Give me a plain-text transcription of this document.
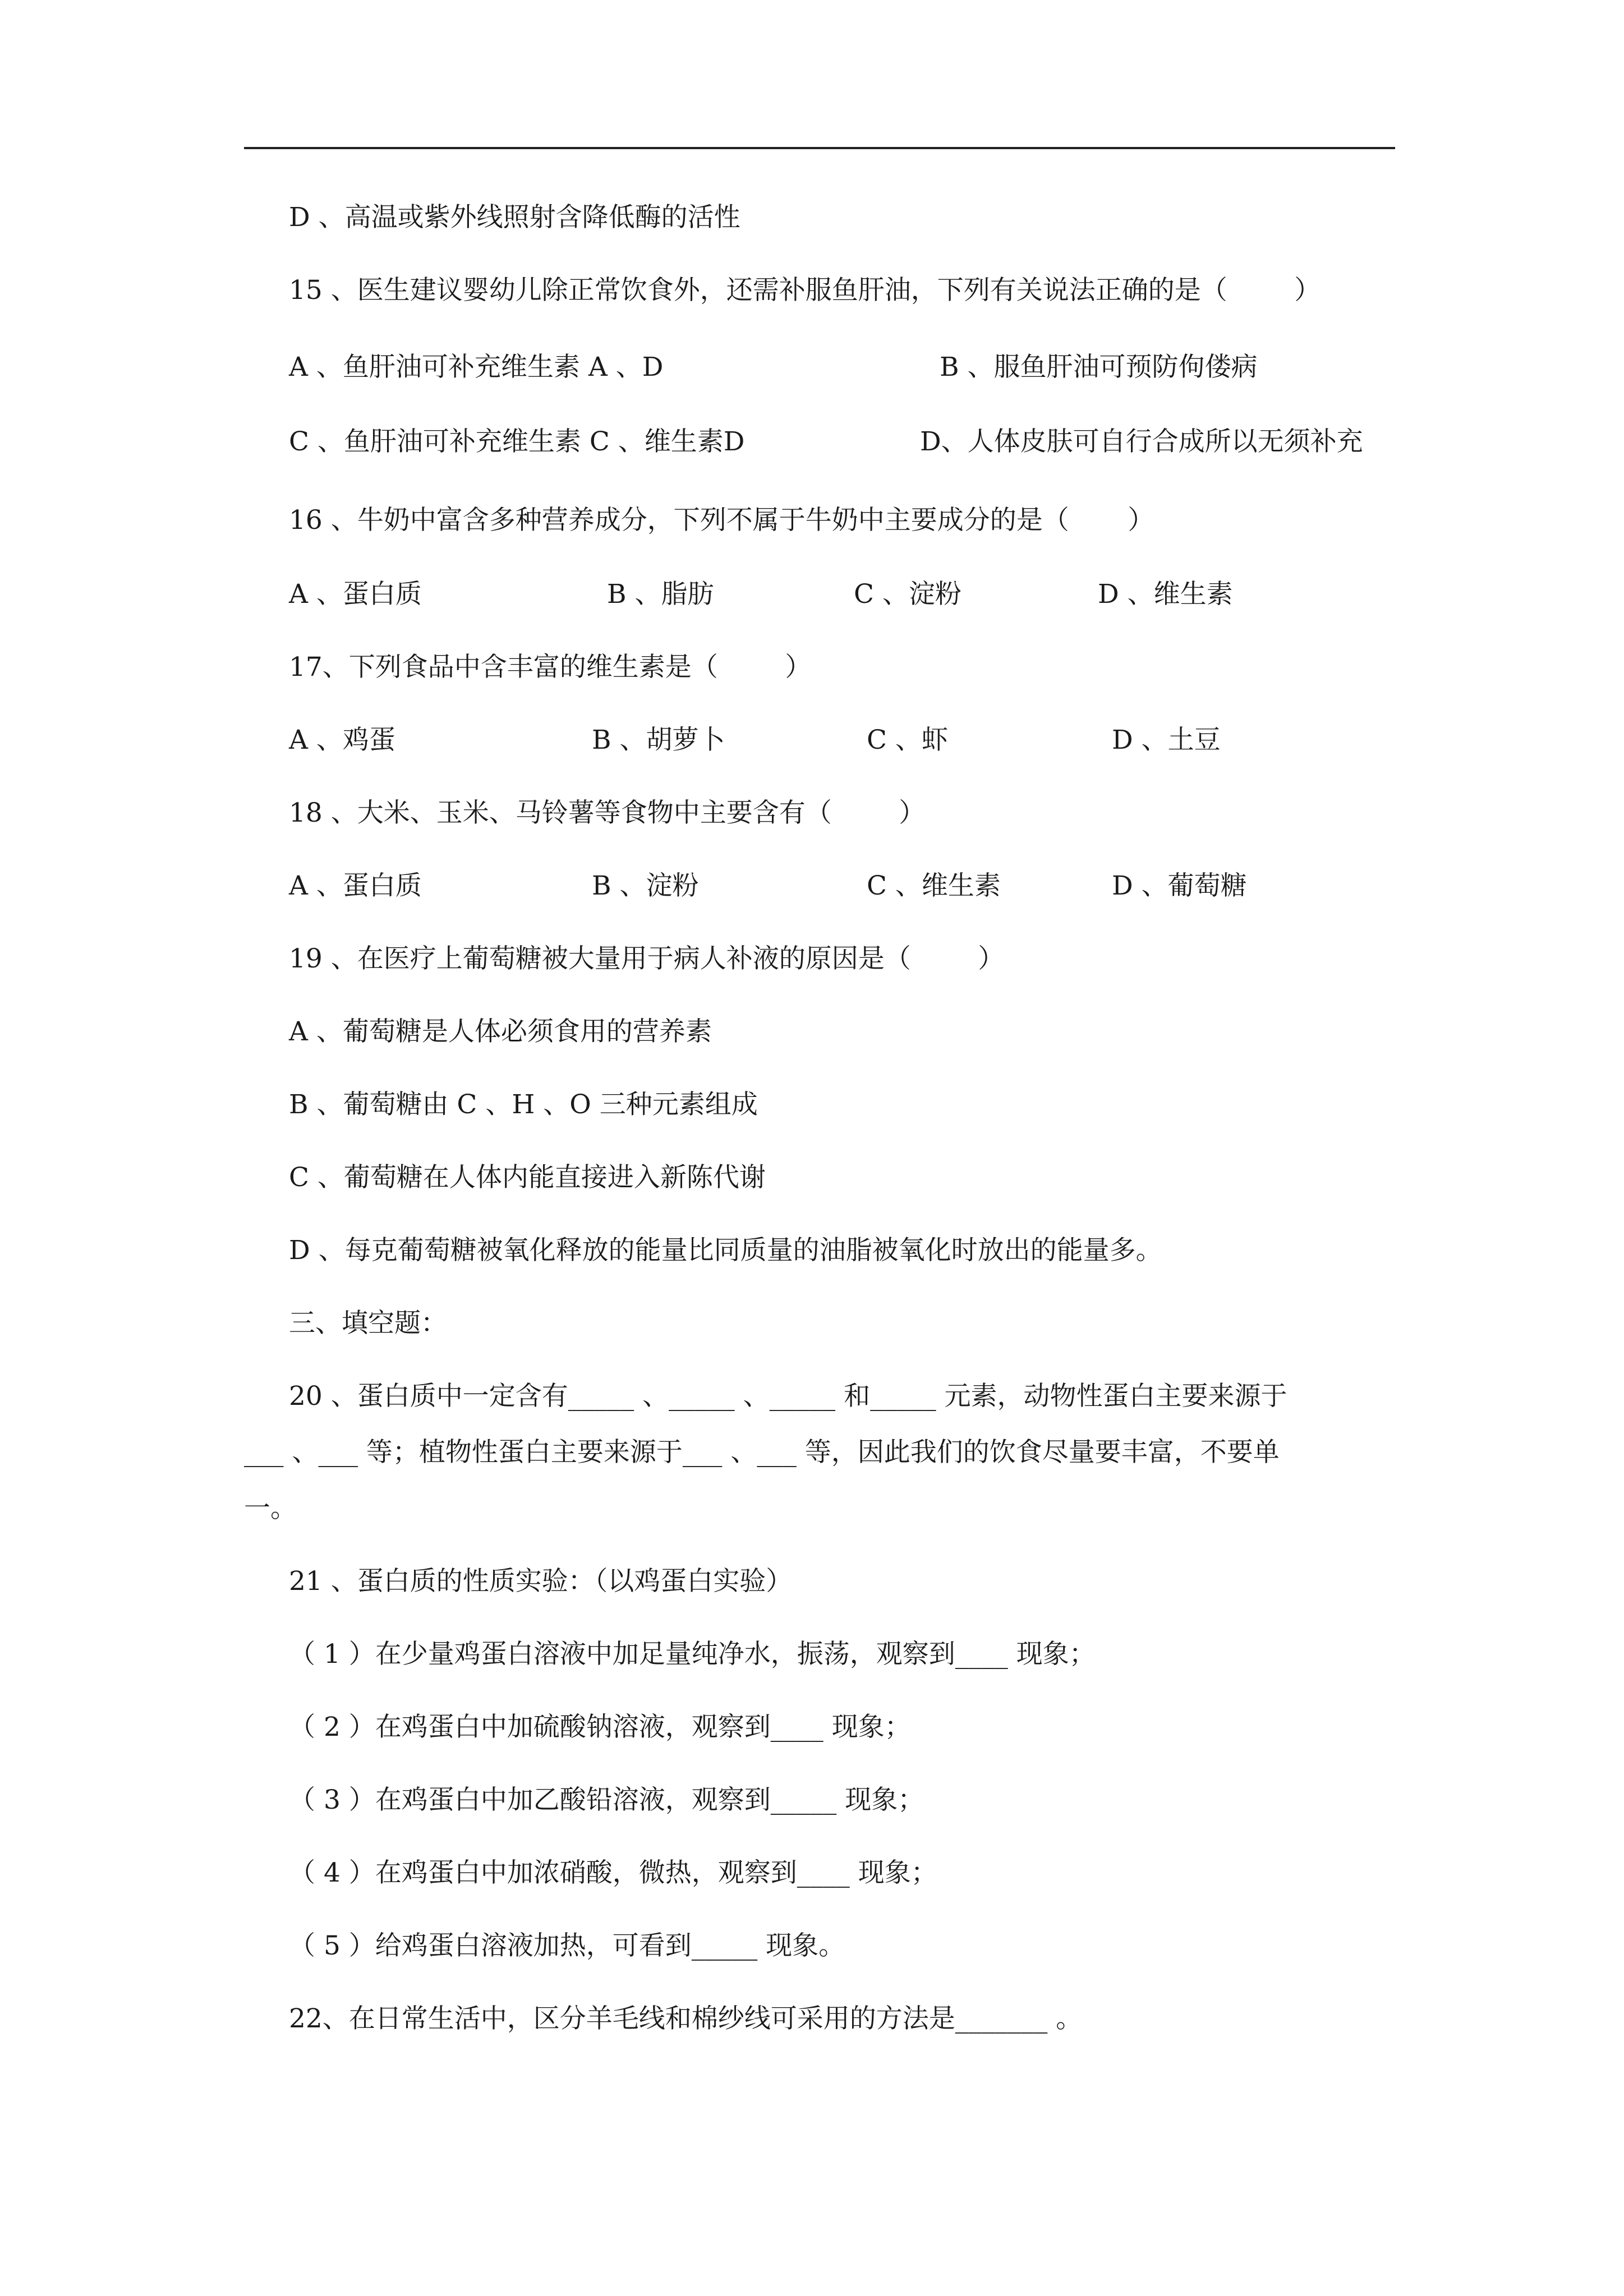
D 、高温或紫外线照射含降低酶的活性
15 、医生建议婴幼儿除正常饮食外，还需补服鱼肝油，下列有关说法正确的是（        ）
A 、鱼肝油可补充维生素 A 、D	B 、服鱼肝油可预防佝偻病
C 、鱼肝油可补充维生素 C 、维生素D	D、人体皮肤可自行合成所以无须补充
16 、牛奶中富含多种营养成分，下列不属于牛奶中主要成分的是（       ）
A 、蛋白质	B 、脂肪	C 、淀粉	D 、维生素
17、下列食品中含丰富的维生素是（        ）
A 、鸡蛋	B 、胡萝卜	C 、虾	D 、土豆
18 、大米、玉米、马铃薯等食物中主要含有（        ）
A 、蛋白质	B 、淀粉	C 、维生素	D 、葡萄糖
19 、在医疗上葡萄糖被大量用于病人补液的原因是（        ）
A 、葡萄糖是人体必须食用的营养素
B 、葡萄糖由 C 、H 、O 三种元素组成
C 、葡萄糖在人体内能直接进入新陈代谢
D 、每克葡萄糖被氧化释放的能量比同质量的油脂被氧化时放出的能量多。
三、填空题：
20 、蛋白质中一定含有_____ 、_____ 、_____ 和_____ 元素，动物性蛋白主要来源于
___ 、___ 等；植物性蛋白主要来源于___ 、___ 等，因此我们的饮食尽量要丰富，不要单
一。
21 、蛋白质的性质实验：（以鸡蛋白实验）
（ 1 ）在少量鸡蛋白溶液中加足量纯净水，振荡，观察到____ 现象；
（ 2 ）在鸡蛋白中加硫酸钠溶液，观察到____ 现象；
（ 3 ）在鸡蛋白中加乙酸铅溶液，观察到_____ 现象；
（ 4 ）在鸡蛋白中加浓硝酸，微热，观察到____ 现象；
（ 5 ）给鸡蛋白溶液加热，可看到_____ 现象。
22、在日常生活中，区分羊毛线和棉纱线可采用的方法是_______ 。
